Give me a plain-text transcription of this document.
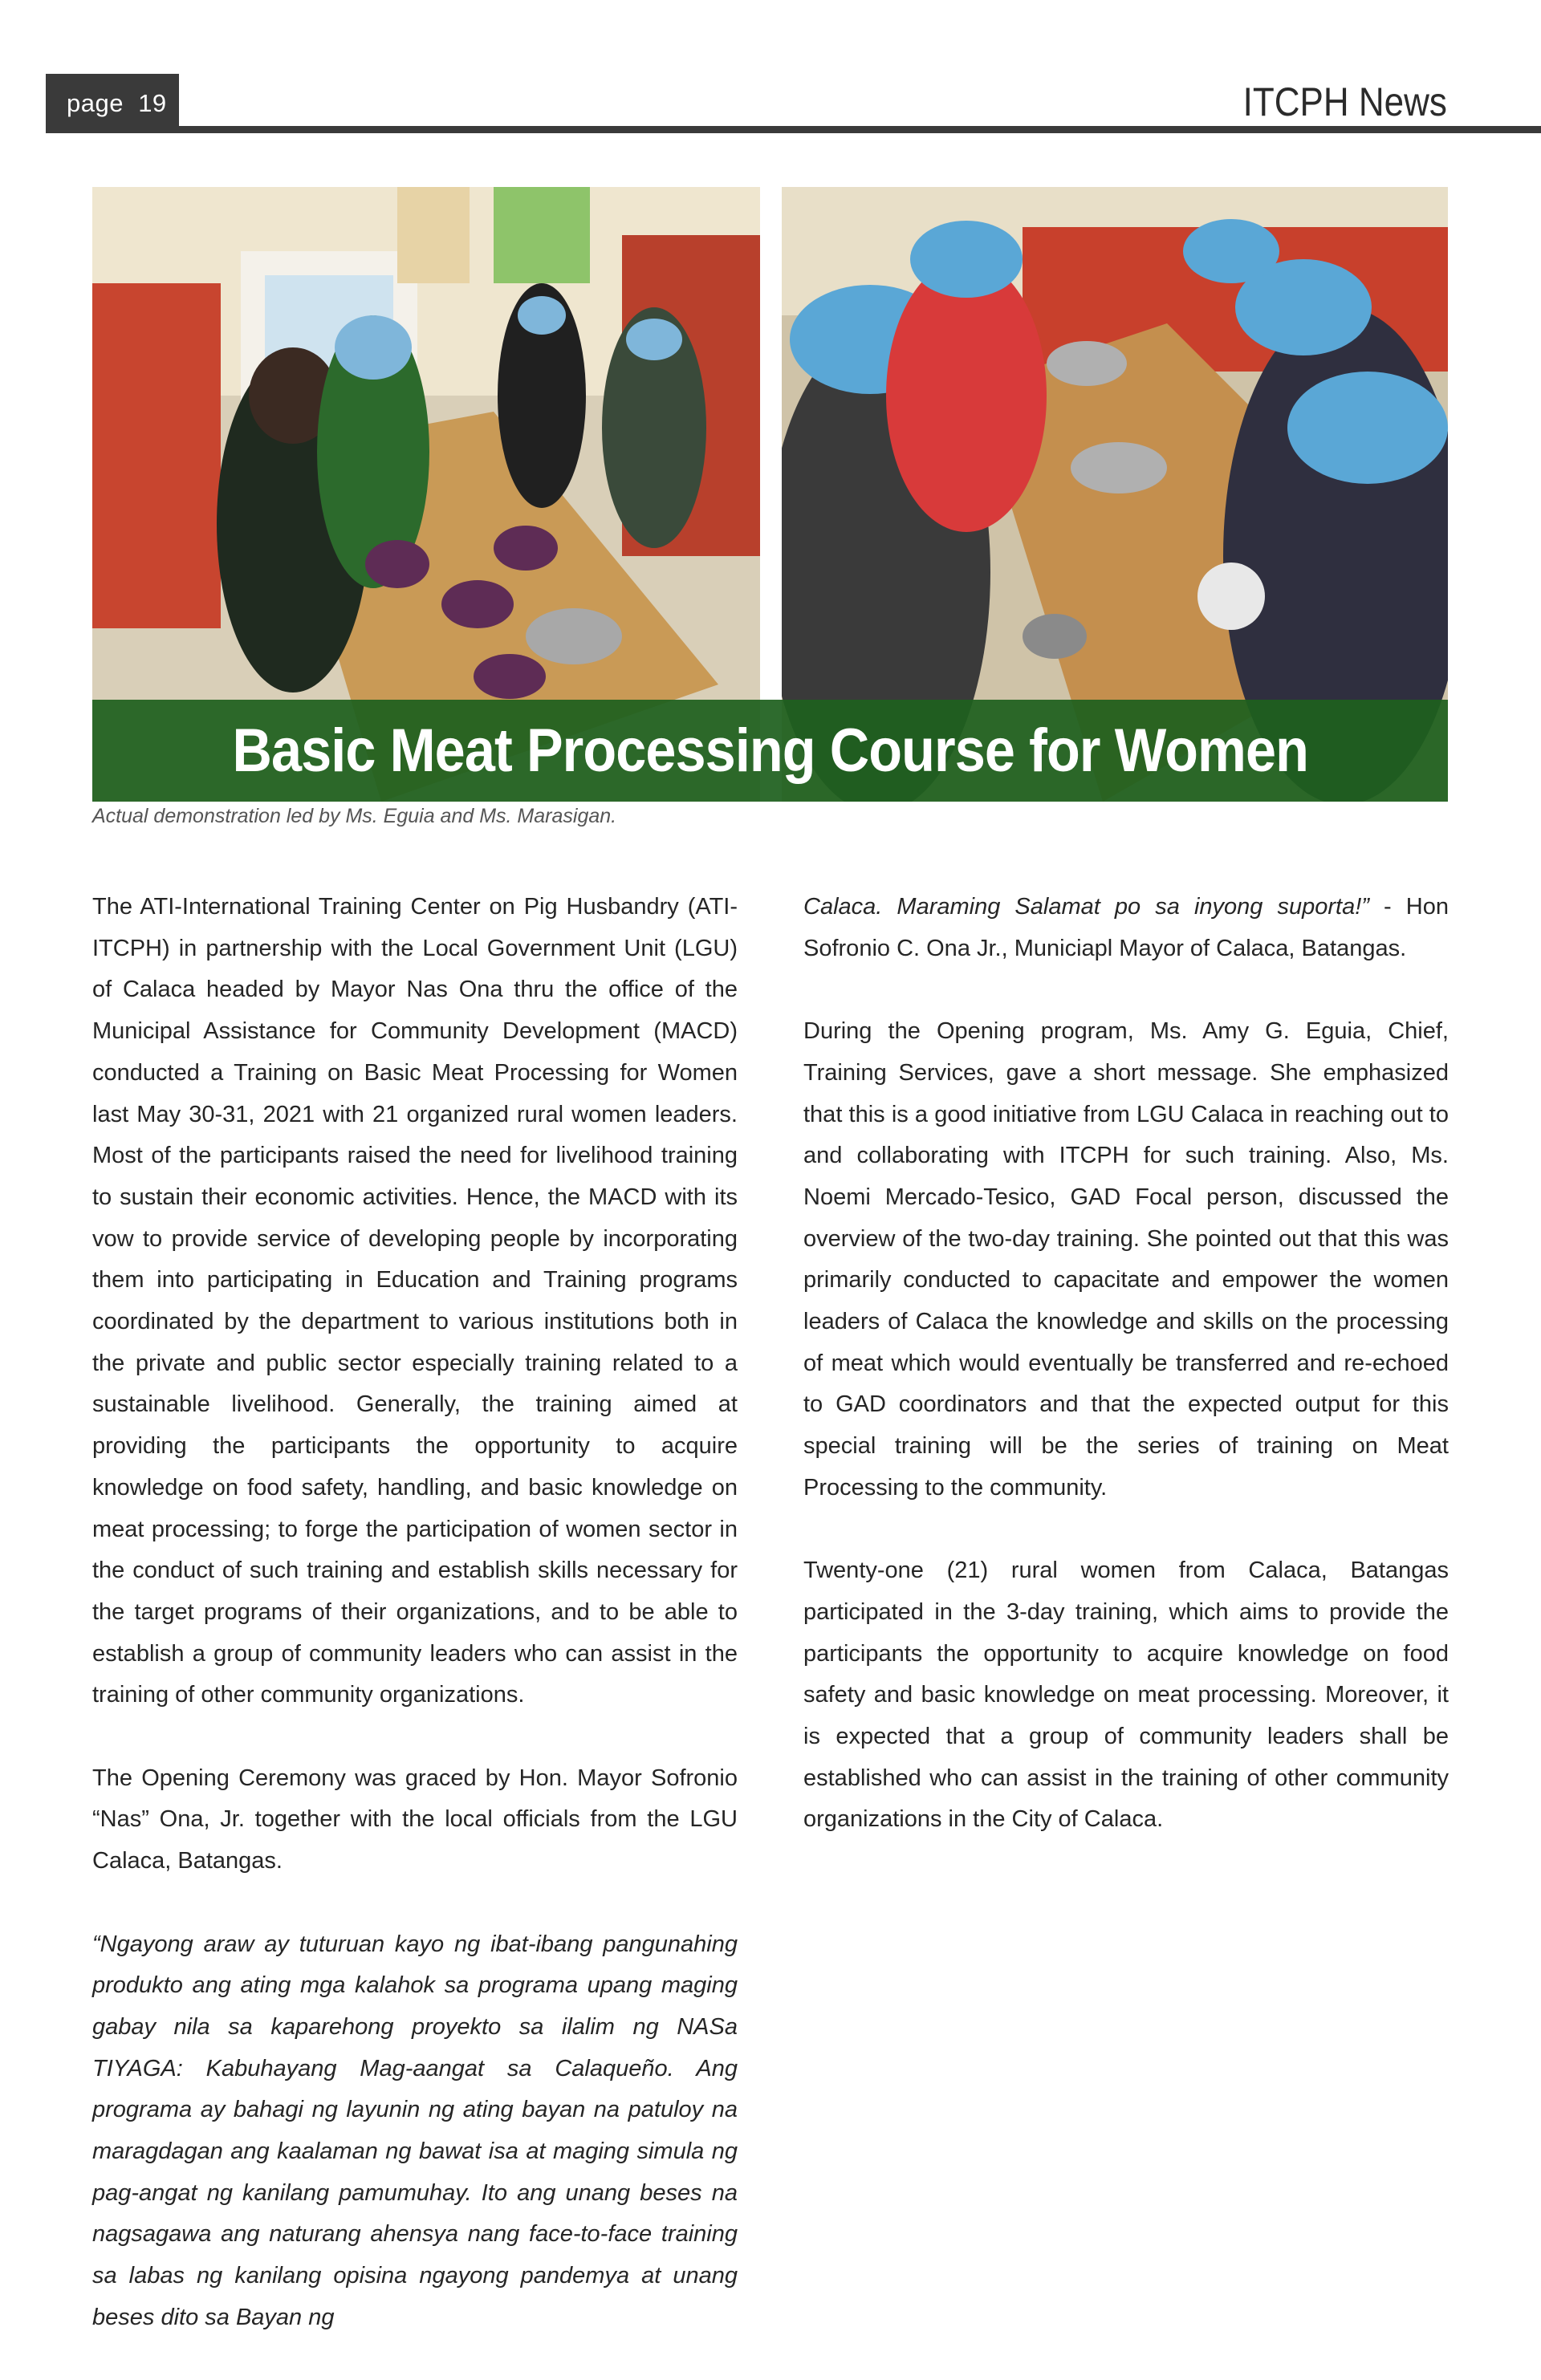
page  19	ITCPH News
Basic Meat Processing Course for Women
Actual demonstration led by Ms. Eguia and Ms. Marasigan.

The ATI-International Training Center on Pig Husbandry (ATI-ITCPH) in partnership with the Local Government Unit (LGU) of Calaca headed by Mayor Nas Ona thru the office of the Municipal Assistance for Community Development (MACD) conducted a Training on Basic Meat Processing for Women last May 30-31, 2021 with 21 organized rural women leaders. Most of the participants raised the need for livelihood training to sustain their economic activities. Hence, the MACD with its vow to provide service of developing people by incorporating them into participating in Education and Training programs coordinated by the department to various institutions both in the private and public sector especially training related to a sustainable livelihood. Generally, the training aimed at providing the participants the opportunity to acquire knowledge on food safety, handling, and basic knowledge on meat processing; to forge the participation of women sector in the conduct of such training and establish skills necessary for the target programs of their organizations, and to be able to establish a group of community leaders who can assist in the training of other community organizations.

The Opening Ceremony was graced by Hon. Mayor Sofronio “Nas” Ona, Jr. together with the local officials from the LGU Calaca, Batangas.

“Ngayong araw ay tuturuan kayo ng ibat-ibang pangunahing produkto ang ating mga kalahok sa programa upang maging gabay nila sa kaparehong proyekto sa ilalim ng NASa TIYAGA: Kabuhayang Mag-aangat sa Calaqueño. Ang programa ay bahagi ng layunin ng ating bayan na patuloy na maragdagan ang kaalaman ng bawat isa at maging simula ng pag-angat ng kanilang pamumuhay. Ito ang unang beses na nagsagawa ang naturang ahensya nang face-to-face training sa labas ng kanilang opisina ngayong pandemya at unang beses dito sa Bayan ng

Calaca. Maraming Salamat po sa inyong suporta!” - Hon Sofronio C. Ona Jr., Municiapl Mayor of Calaca, Batangas.

During the Opening program, Ms. Amy G. Eguia, Chief, Training Services, gave a short message. She emphasized that this is a good initiative from LGU Calaca in reaching out to and collaborating with ITCPH for such training. Also, Ms. Noemi Mercado-Tesico, GAD Focal person, discussed the overview of the two-day training. She pointed out that this was primarily conducted to capacitate and empower the women leaders of Calaca the knowledge and skills on the processing of meat which would eventually be transferred and re-echoed to GAD coordinators and that the expected output for this special training will be the series of training on Meat Processing to the community.

Twenty-one (21) rural women from Calaca, Batangas participated in the 3-day training, which aims to provide the participants the opportunity to acquire knowledge on food safety and basic knowledge on meat processing. Moreover, it is expected that a group of community leaders shall be established who can assist in the training of other community organizations in the City of Calaca.
